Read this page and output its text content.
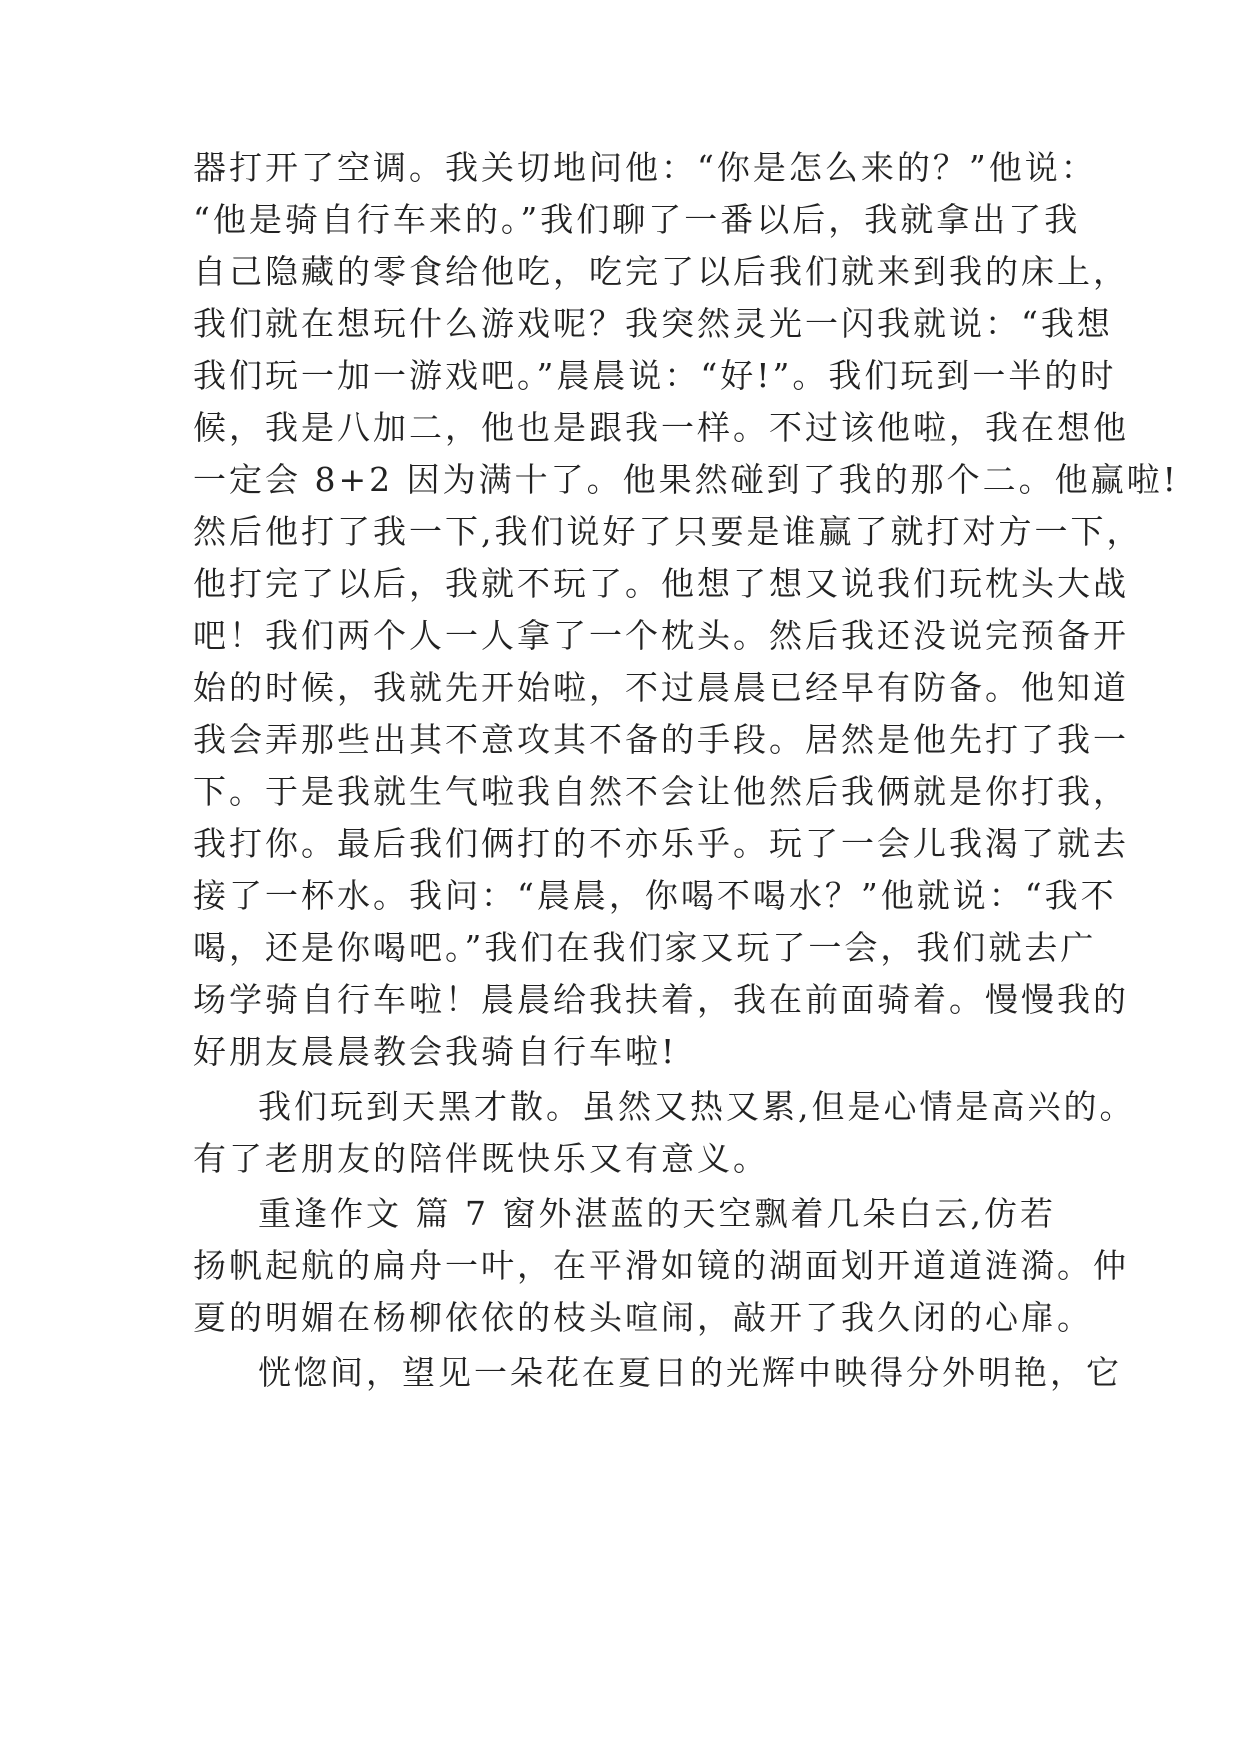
器打开了空调。我关切地问他：“你是怎么来的？”他说：
“他是骑自行车来的。”我们聊了一番以后，我就拿出了我
自己隐藏的零食给他吃，吃完了以后我们就来到我的床上，
我们就在想玩什么游戏呢？我突然灵光一闪我就说：“我想
我们玩一加一游戏吧。”晨晨说：“好!”。我们玩到一半的时
候，我是八加二，他也是跟我一样。不过该他啦，我在想他
一定会 8+2 因为满十了。他果然碰到了我的那个二。他赢啦!
然后他打了我一下,我们说好了只要是谁赢了就打对方一下，
他打完了以后，我就不玩了。他想了想又说我们玩枕头大战
吧！我们两个人一人拿了一个枕头。然后我还没说完预备开
始的时候，我就先开始啦，不过晨晨已经早有防备。他知道
我会弄那些出其不意攻其不备的手段。居然是他先打了我一
下。于是我就生气啦我自然不会让他然后我俩就是你打我，
我打你。最后我们俩打的不亦乐乎。玩了一会儿我渴了就去
接了一杯水。我问：“晨晨，你喝不喝水？”他就说：“我不
喝，还是你喝吧。”我们在我们家又玩了一会，我们就去广
场学骑自行车啦！晨晨给我扶着，我在前面骑着。慢慢我的
好朋友晨晨教会我骑自行车啦!
我们玩到天黑才散。虽然又热又累,但是心情是高兴的。
有了老朋友的陪伴既快乐又有意义。
重逢作文 篇 7 窗外湛蓝的天空飘着几朵白云,仿若
扬帆起航的扁舟一叶，在平滑如镜的湖面划开道道涟漪。仲
夏的明媚在杨柳依依的枝头喧闹，敲开了我久闭的心扉。
恍惚间，望见一朵花在夏日的光辉中映得分外明艳，它
